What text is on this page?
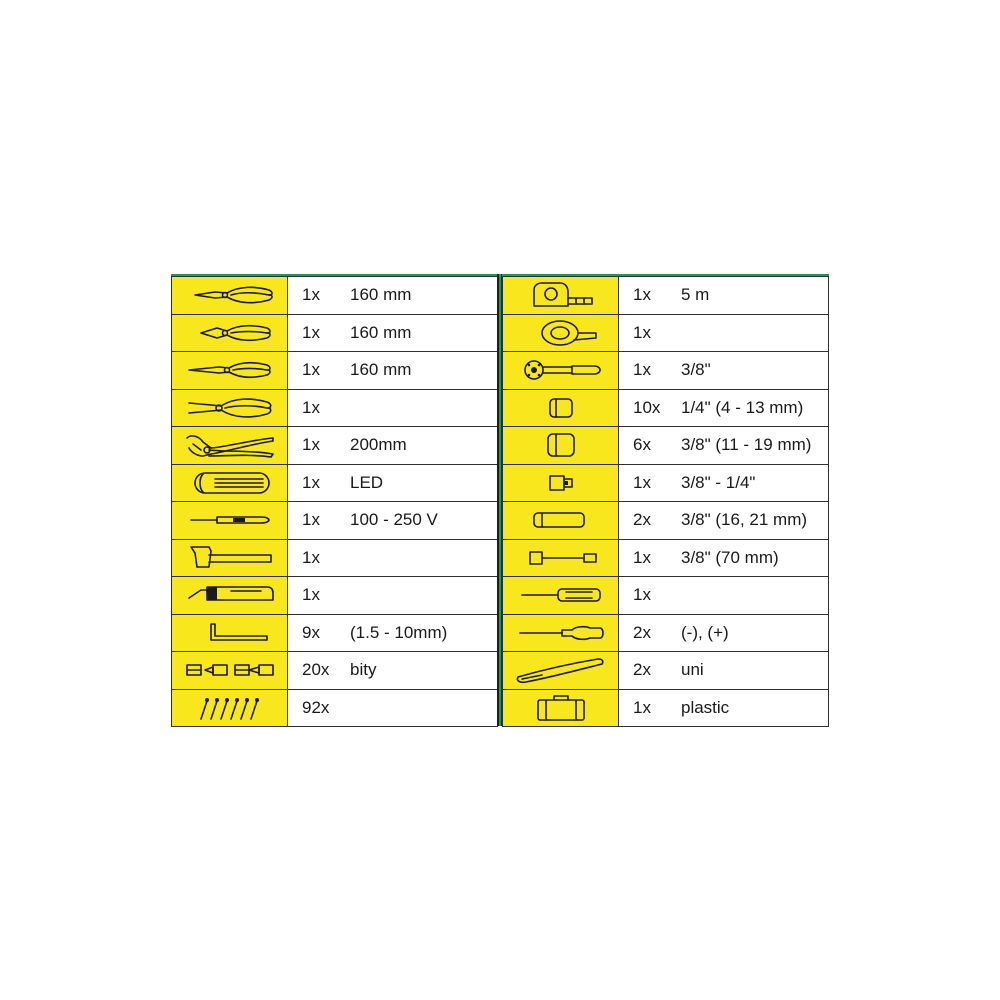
1x	160 mm
1x	160 mm
1x	160 mm
1x
1x	200mm
1x	LED
1x	100 - 250 V
1x
1x
9x	(1.5 - 10mm)
20x	bity
92x
1x	5 m
1x
1x	3/8"
10x	1/4" (4 - 13 mm)
6x	3/8" (11 - 19 mm)
1x	3/8" - 1/4"
2x	3/8" (16, 21 mm)
1x	3/8" (70 mm)
1x
2x	(-), (+)
2x	uni
1x	plastic
